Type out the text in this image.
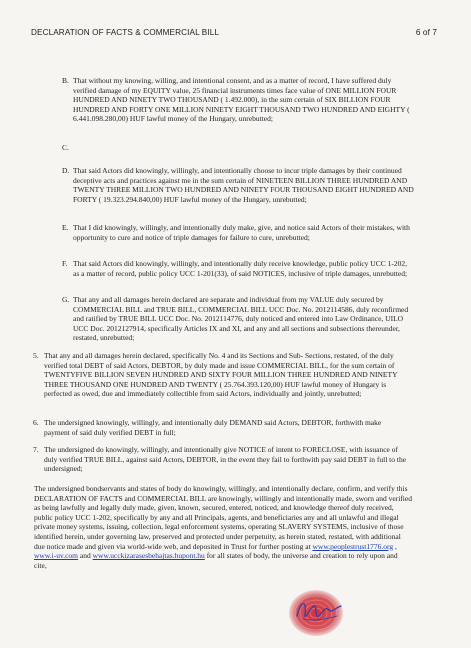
DECLARATION OF FACTS & COMMERCIAL BILL	6 of 7
B. That without my knowing, willing, and intentional consent, and as a matter of record, I have suffered duly verified damage of my EQUITY value, 25 financial instruments times face value of ONE MILLION FOUR HUNDRED AND NINETY TWO THOUSAND ( 1.492.000), in the sum certain of SIX BILLION FOUR HUNDRED AND FORTY ONE MILLION NINETY EIGHT THOUSAND TWO HUNDRED AND EIGHTY ( 6.441.098.280,00) HUF lawful money of the Hungary, unrebutted;
C.
D. That said Actors did knowingly, willingly, and intentionally choose to incur triple damages by their continued deceptive acts and practices against me in the sum certain of NINETEEN BILLION THREE HUNDRED AND TWENTY THREE MILLION TWO HUNDRED AND NINETY FOUR THOUSAND EIGHT HUNDRED AND FORTY ( 19.323.294.840,00) HUF lawful money of the Hungary, unrebutted;
E. That I did knowingly, willingly, and intentionally duly make, give, and notice said Actors of their mistakes, with opportunity to cure and notice of triple damages for failure to cure, unrebutted;
F. That said Actors did knowingly, willingly, and intentionally duly receive knowledge, public policy UCC 1-202, as a matter of record, public policy UCC 1-201(33), of said NOTICES, inclusive of triple damages, unrebutted;
G. That any and all damages herein declared are separate and individual from my VALUE duly secured by COMMERCIAL BILL and TRUE BILL, COMMERCIAL BILL UCC Doc. No. 2012114586, duly reconfirmed and ratified by TRUE BILL UCC Doc. No. 2012114776, duly noticed and entered into Law Ordinance, UILO UCC Doc. 2012127914, specifically Articles IX and XI, and any and all sections and subsections thereunder, restated, unrebutted;
5. That any and all damages herein declared, specifically No. 4 and its Sections and Sub- Sections, restated, of the duly verified total DEBT of said Actors, DEBTOR, by duly made and issue COMMERCIAL BILL, for the sum certain of TWENTYFIVE BILLION SEVEN HUNDRED AND SIXTY FOUR MILLION THREE HUNDRED AND NINETY THREE THOUSAND ONE HUNDRED AND TWENTY ( 25.764.393.120,00) HUF lawful money of Hungary is perfected as owed, due and immediately collectible from said Actors, individually and jointly, unrebutted;
6. The undersigned knowingly, willingly, and intentionally duly DEMAND said Actors, DEBTOR, forthwith make payment of said duly verified DEBT in full;
7. The undersigned do knowingly, willingly, and intentionally give NOTICE of intent to FORECLOSE, with issuance of duly verified TRUE BILL, against said Actors, DEBTOR, in the event they fail to forthwith pay said DEBT in full to the undersigned;
The undersigned bondservants and states of body do knowingly, willingly, and intentionally declare, confirm, and verify this DECLARATION OF FACTS and COMMERCIAL BILL are knowingly, willingly and intentionally made, sworn and verified as being lawfully and legally duly made, given, known, secured, entered, noticed, and knowledge thereof duly received, public policy UCC 1-202, specifically by any and all Principals, agents, and beneficiaries any and all unlawful and illegal private money systems, issuing, collection, legal enforcement systems, operating SLAVERY SYSTEMS, inclusive of those identified herein, under governing law, preserved and protected under perpetuity, as herein stated, restated, with additional due notice made and given via world-wide web, and deposited in Trust for further posting at www.peoplestrust1776.org , www.i-uv.com and www.ucckizarasesbehajtas.hupont.hu for all states of body, the universe and creation to rely upon and cite,
